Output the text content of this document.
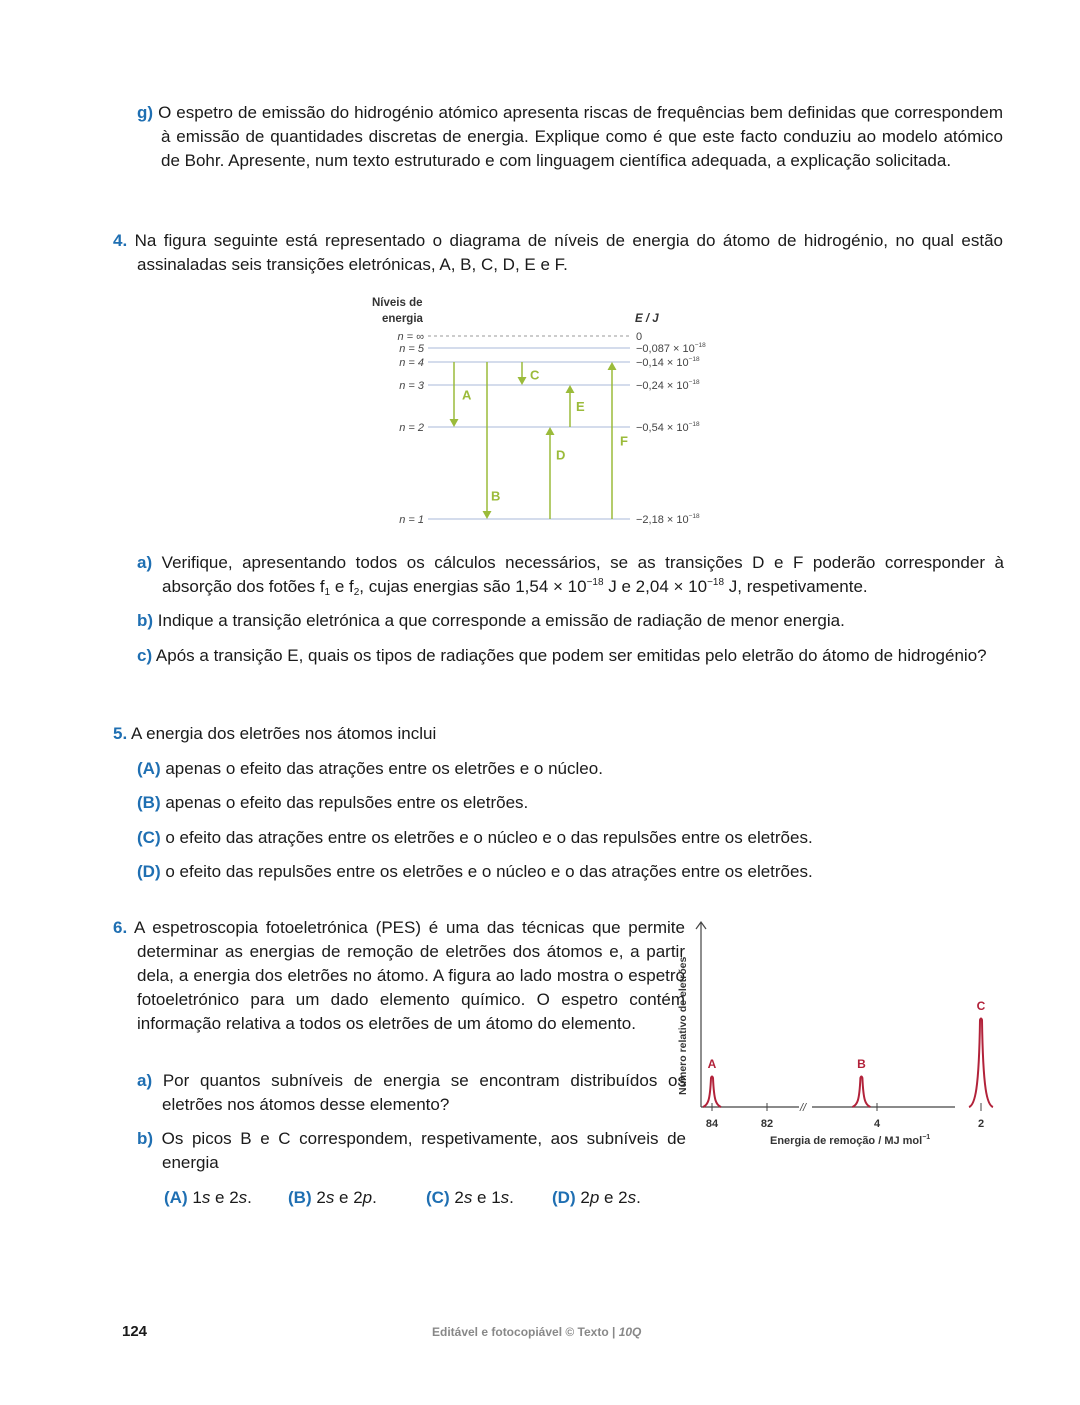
g) O espetro de emissão do hidrogénio atómico apresenta riscas de frequências bem definidas que correspondem à emissão de quantidades discretas de energia. Explique como é que este facto conduziu ao modelo atómico de Bohr. Apresente, num texto estruturado e com linguagem científica adequada, a explicação solicitada.
4. Na figura seguinte está representado o diagrama de níveis de energia do átomo de hidrogénio, no qual estão assinaladas seis transições eletrónicas, A, B, C, D, E e F.
Níveis de
energia	E / J
n = ∞	0
n = 5	$-0,087 \times 10^{-18}$
n = 4	$-0,14 \times 10^{-18}$
n = 3	$-0,24 \times 10^{-18}$
n = 2	$-0,54 \times 10^{-18}$
n = 1	$-2,18 \times 10^{-18}$
A
B
C
D
E
F
a) Verifique, apresentando todos os cálculos necessários, se as transições D e F poderão corresponder à absorção dos fotões $f_1$ e $f_2$, cujas energias são $1,54 \times 10^{-18}$ J e $2,04 \times 10^{-18}$ J, respetivamente.
b) Indique a transição eletrónica a que corresponde a emissão de radiação de menor energia.
c) Após a transição E, quais os tipos de radiações que podem ser emitidas pelo eletrão do átomo de hidrogénio?
5. A energia dos eletrões nos átomos inclui
(A) apenas o efeito das atrações entre os eletrões e o núcleo.
(B) apenas o efeito das repulsões entre os eletrões.
(C) o efeito das atrações entre os eletrões e o núcleo e o das repulsões entre os eletrões.
(D) o efeito das repulsões entre os eletrões e o núcleo e o das atrações entre os eletrões.
6. A espetroscopia fotoeletrónica (PES) é uma das técnicas que permite determinar as energias de remoção de eletrões dos átomos e, a partir dela, a energia dos eletrões no átomo. A figura ao lado mostra o espetro fotoeletrónico para um dado elemento químico. O espetro contém informação relativa a todos os eletrões de um átomo do elemento.
a) Por quantos subníveis de energia se encontram distribuídos os eletrões nos átomos desse elemento?
b) Os picos B e C correspondem, respetivamente, aos subníveis de energia
(A) 1s e 2s. (B) 2s e 2p.	(C) 2s e 1s. (D) 2p e 2s.
Número relativo de eletrões
//
84	82	4	2
A	B
C
Energia de remoção / MJ mol$^{-1}$
124	Editável e fotocopiável © Texto | 10Q
